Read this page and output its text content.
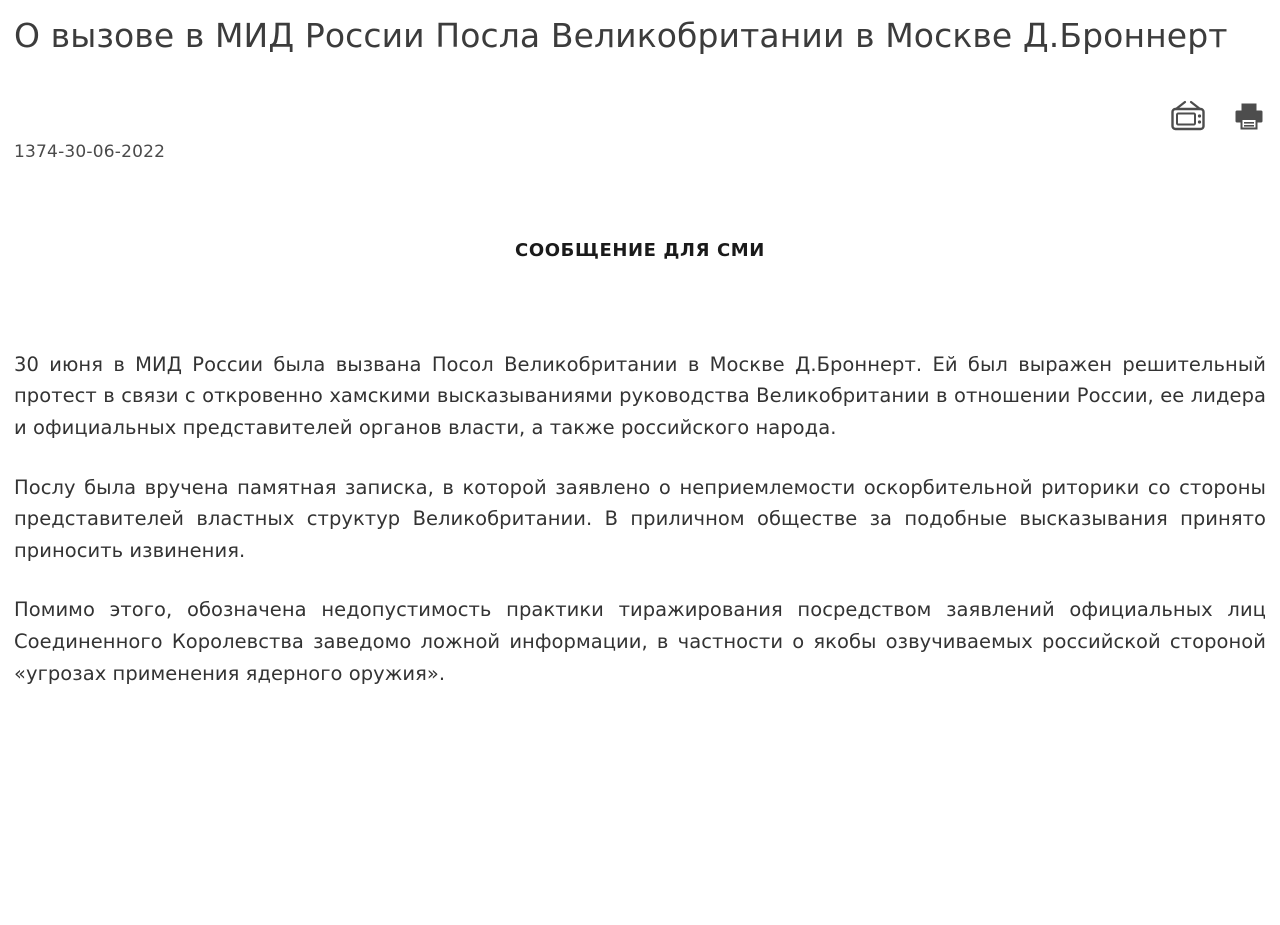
О вызове в МИД России Посла Великобритании в Москве Д.Броннерт
1374-30-06-2022
СООБЩЕНИЕ ДЛЯ СМИ

30 июня в МИД России была вызвана Посол Великобритании в Москве Д.Броннерт. Ей был выражен решительный протест в связи с откровенно хамскими высказываниями руководства Великобритании в отношении России, ее лидера и официальных представителей органов власти, а также российского народа.

Послу была вручена памятная записка, в которой заявлено о неприемлемости оскорбительной риторики со стороны представителей властных структур Великобритании. В приличном обществе за подобные высказывания принято приносить извинения.

Помимо этого, обозначена недопустимость практики тиражирования посредством заявлений официальных лиц Соединенного Королевства заведомо ложной информации, в частности о якобы озвучиваемых российской стороной «угрозах применения ядерного оружия».
